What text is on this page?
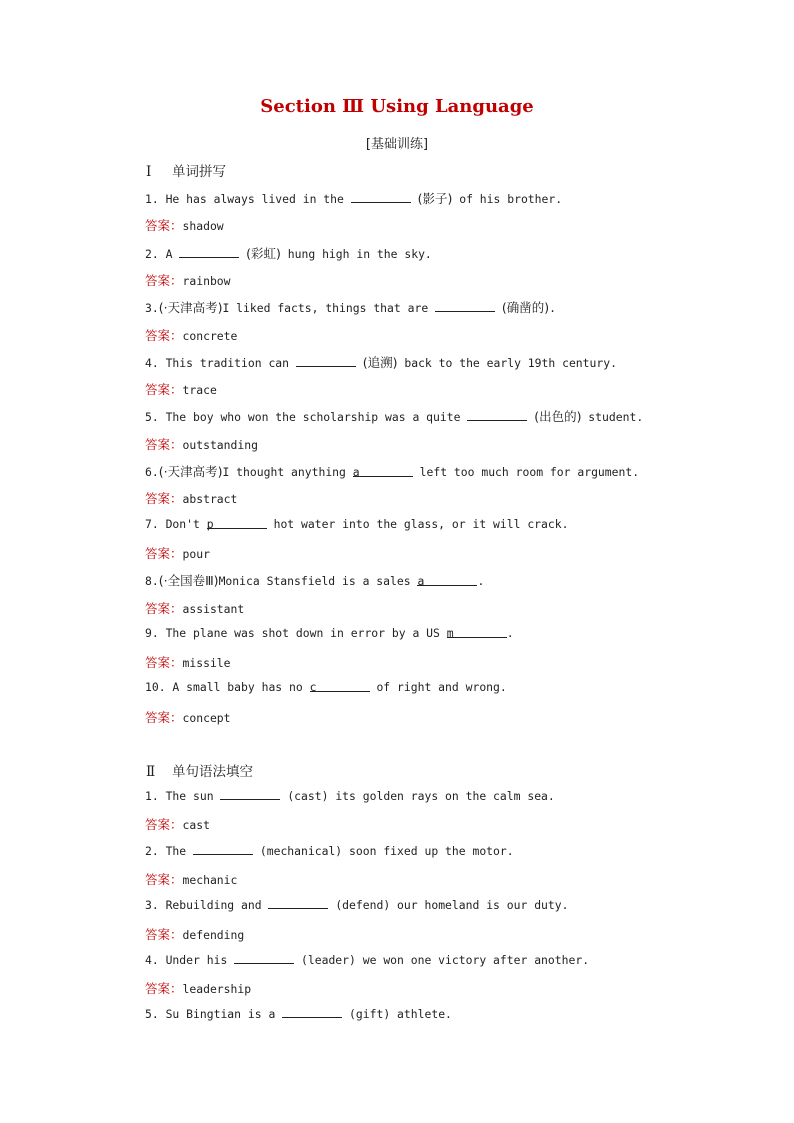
Section Ⅲ Using Language
[基础训练]
Ⅰ 单词拼写
1. He has always lived in the	(影子) of his brother.
答案：shadow
2. A	(彩虹) hung high in the sky.
答案：rainbow
3.(·天津高考)I liked facts, things that are	(确凿的).
答案：concrete
4. This tradition can	(追溯) back to the early 19th century.
答案：trace
5. The boy who won the scholarship was a quite	(出色的) student.
答案：outstanding
6.(·天津高考)I thought anything a	left too much room for argument.
答案：abstract
7. Don't p	hot water into the glass, or it will crack.
答案：pour
8.(·全国卷Ⅲ)Monica Stansfield is a sales a	.
答案：assistant
9. The plane was shot down in error by a US m	.
答案：missile
10. A small baby has no c	of right and wrong.
答案：concept
Ⅱ 单句语法填空
1. The sun	(cast) its golden rays on the calm sea.
答案：cast
2. The	(mechanical) soon fixed up the motor.
答案：mechanic
3. Rebuilding and	(defend) our homeland is our duty.
答案：defending
4. Under his	(leader) we won one victory after another.
答案：leadership
5. Su Bingtian is a	(gift) athlete.
